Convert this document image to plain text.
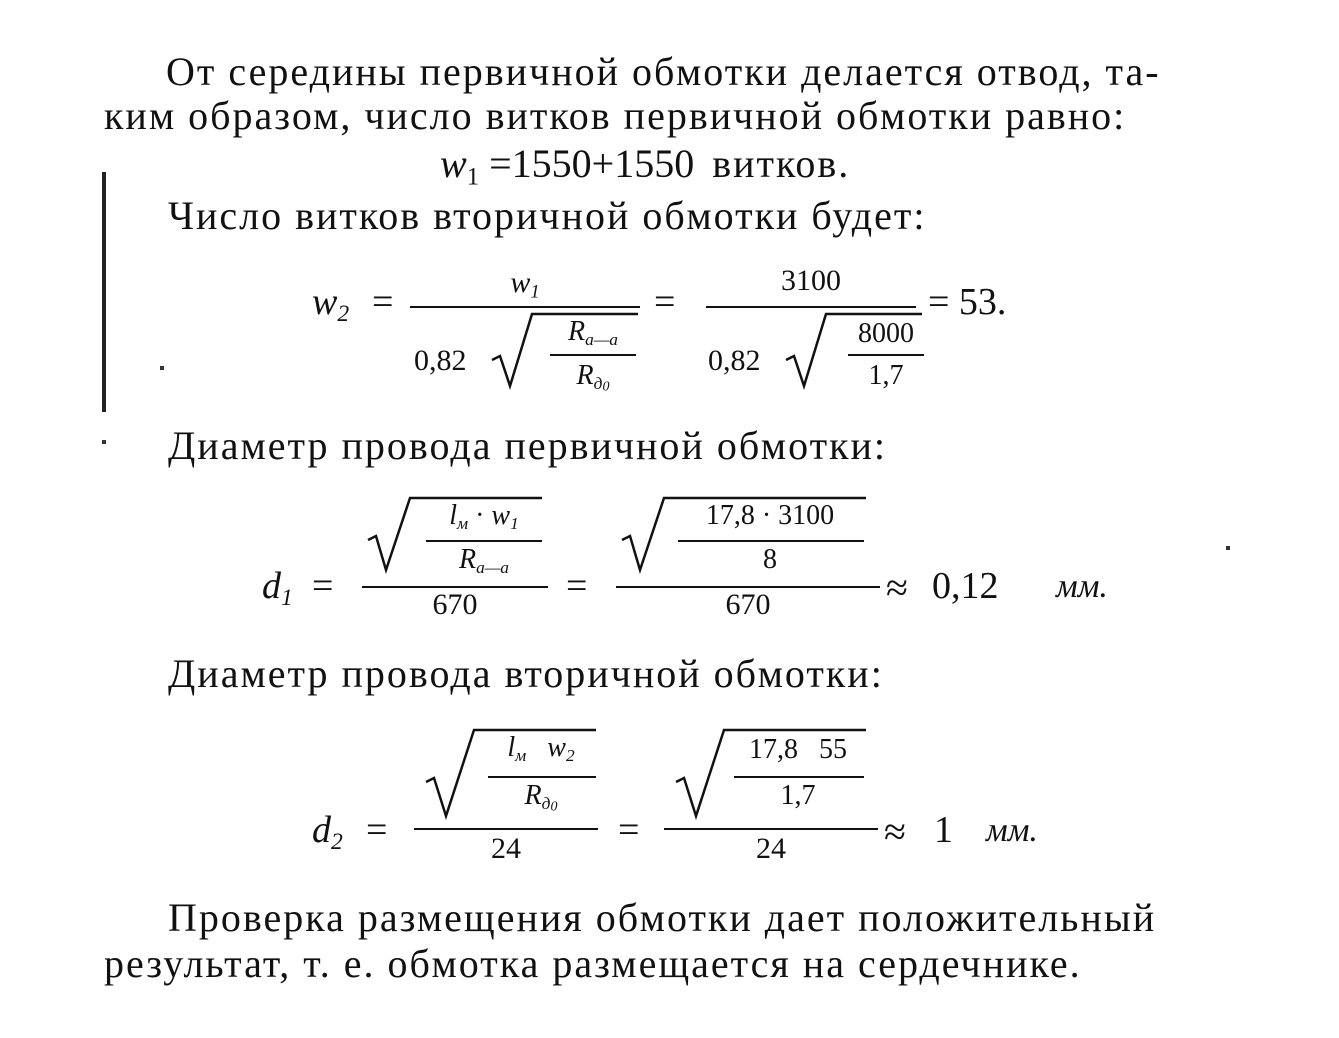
От середины первичной обмотки делается отвод, та-
ким образом, число витков первичной обмотки равно:
$w_1 =1550+1550$ витков.
Число витков вторичной обмотки будет:
$w_2$ =	$w_1$
0,82
$R_{а—а}$
$R_{д0}$
=
3100
0,82
8000
1,7
= 53.
Диаметр провода первичной обмотки:
$d_1$ =
$l_м \cdot w_1$
$R_{а—а}$
670	=
17,8 · 3100
8
670	≈ 0,12 мм.
Диаметр провода вторичной обмотки:
$d_2$ =
$l_м$ $w_2$
$R_{д0}$
24	=
17,8   55
1,7
24	≈ 1 мм.
Проверка размещения обмотки дает положительный
результат, т. е. обмотка размещается на сердечнике.
